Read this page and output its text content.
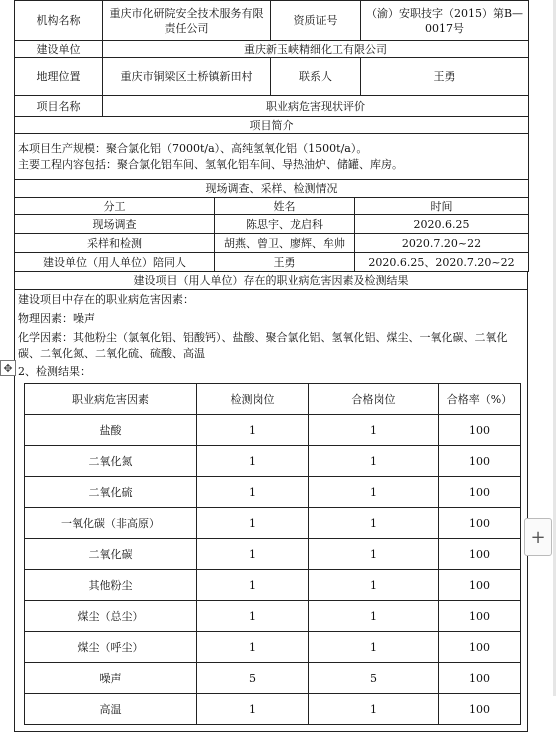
机构名称	重庆市化研院安全技术服务有限责任公司	资质证号	（渝）安职技字（2015）第B—0017号
建设单位	重庆新玉峡精细化工有限公司		
地理位置	重庆市铜梁区土桥镇新田村	联系人	王勇
项目名称	职业病危害现状评价		
项目简介			

本项目生产规模：聚合氯化铝（7000t/a）、高纯氢氧化铝（1500t/a）。
主要工程内容包括：聚合氯化铝车间、氢氧化铝车间、导热油炉、储罐、库房。			

现场调查、采样、检测情况			
分工	姓名	时间
现场调查	陈思宇、龙启科	2020.6.25
采样和检测	胡燕、曾卫、廖辉、牟帅	2020.7.20~22
建设单位（用人单位）陪同人	王勇	2020.6.25、2020.7.20~22
建设项目（用人单位）存在的职业病危害因素及检测结果

建设项目中存在的职业病危害因素：
物理因素：噪声
化学因素：其他粉尘（氯氧化铝、铝酸钙）、盐酸、聚合氯化铝、氢氧化铝、煤尘、一氧化碳、二氧化碳、二氧化氮、二氧化硫、硫酸、高温
2、检测结果：
职业病危害因素	检测岗位	合格岗位	合格率（%）
盐酸	1	1	100
二氧化氮	1	1	100
二氧化硫	1	1	100
一氧化碳（非高原）	1	1	100
二氧化碳	1	1	100
其他粉尘	1	1	100
煤尘（总尘）	1	1	100
煤尘（呼尘）	1	1	100
噪声	5	5	100
高温	1	1	100
✥
+
